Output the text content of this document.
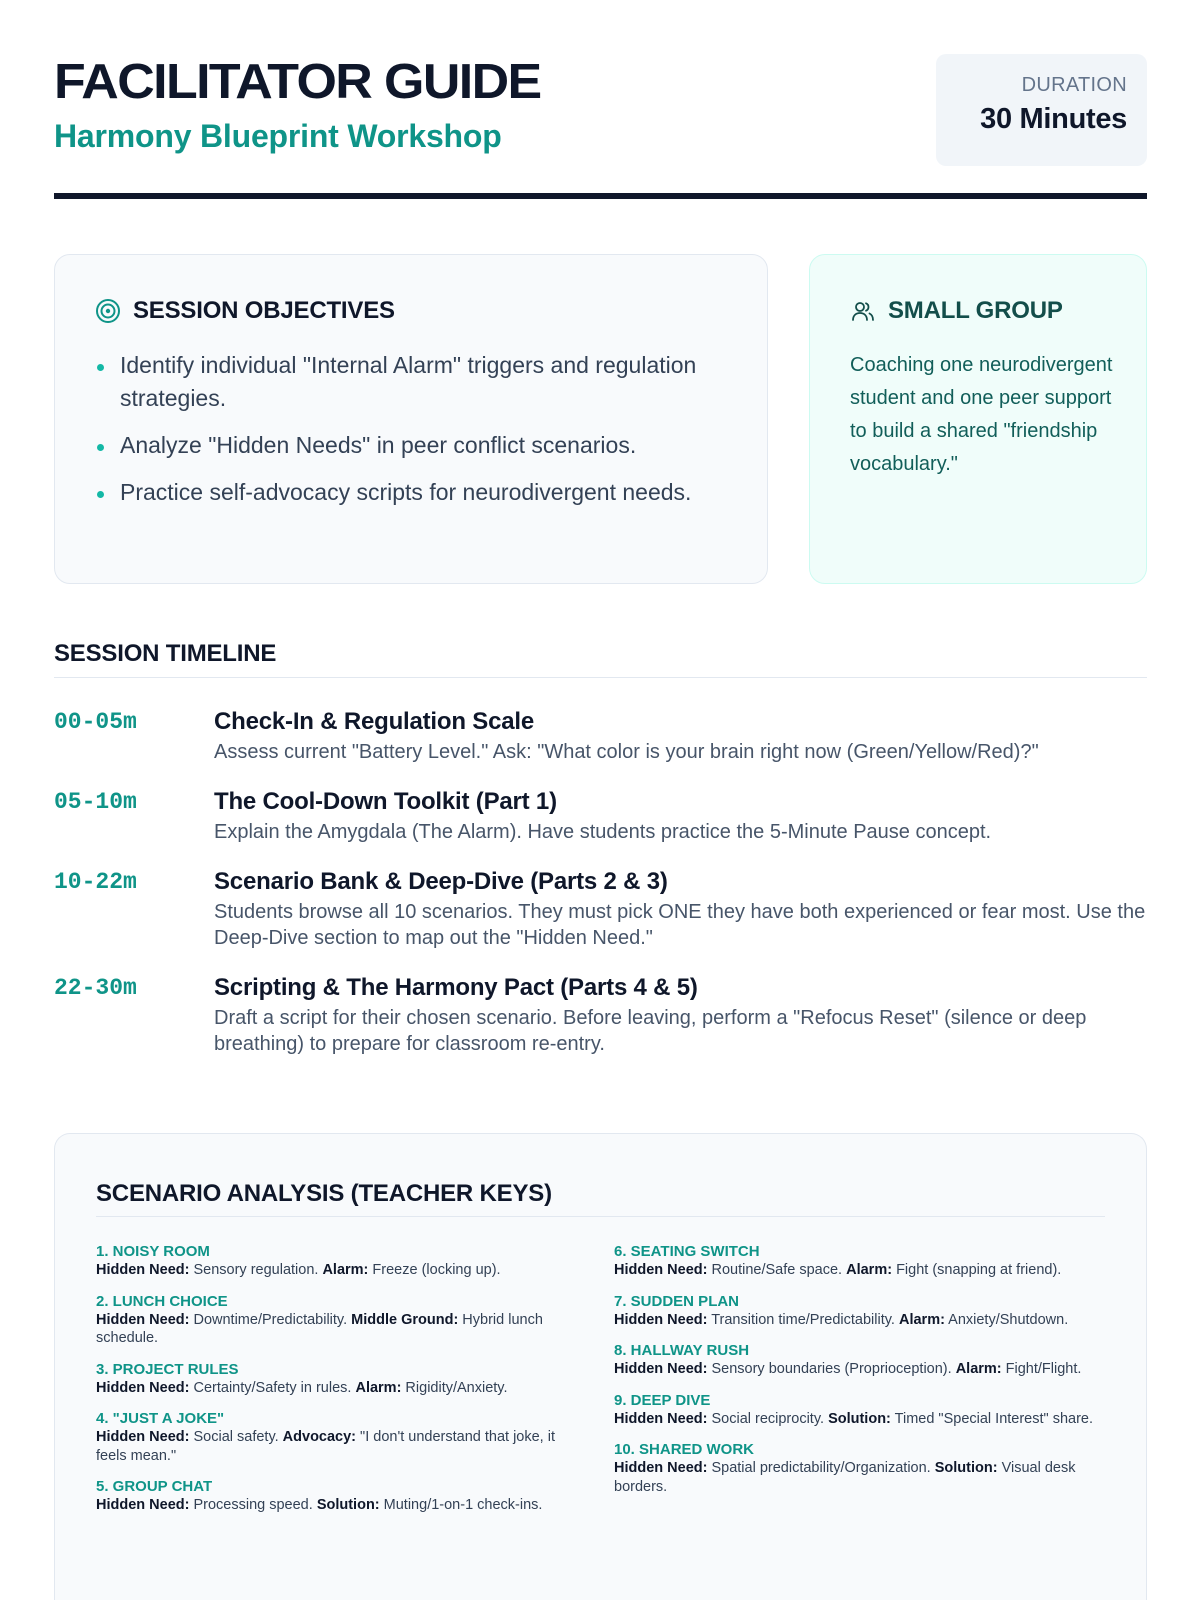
FACILITATOR GUIDE
Harmony Blueprint Workshop
DURATION
30 Minutes
SESSION OBJECTIVES
Identify individual "Internal Alarm" triggers and regulation strategies.
Analyze "Hidden Needs" in peer conflict scenarios.
Practice self-advocacy scripts for neurodivergent needs.
SMALL GROUP

Coaching one neurodivergent student and one peer support to build a shared "friendship vocabulary."

SESSION TIMELINE
00-05m	Check-In & Regulation Scale
Assess current "Battery Level." Ask: "What color is your brain right now (Green/Yellow/Red)?"
05-10m	The Cool-Down Toolkit (Part 1)
Explain the Amygdala (The Alarm). Have students practice the 5-Minute Pause concept.
10-22m	Scenario Bank & Deep-Dive (Parts 2 & 3)
Students browse all 10 scenarios. They must pick ONE they have both experienced or fear most. Use the Deep-Dive section to map out the "Hidden Need."
22-30m	Scripting & The Harmony Pact (Parts 4 & 5)
Draft a script for their chosen scenario. Before leaving, perform a "Refocus Reset" (silence or deep breathing) to prepare for classroom re-entry.
SCENARIO ANALYSIS (TEACHER KEYS)
1. NOISY ROOM
Hidden Need: Sensory regulation. Alarm: Freeze (locking up).
2. LUNCH CHOICE
Hidden Need: Downtime/Predictability. Middle Ground: Hybrid lunch schedule.
3. PROJECT RULES
Hidden Need: Certainty/Safety in rules. Alarm: Rigidity/Anxiety.
4. "JUST A JOKE"
Hidden Need: Social safety. Advocacy: "I don't understand that joke, it feels mean."
5. GROUP CHAT
Hidden Need: Processing speed. Solution: Muting/1-on-1 check-ins.
6. SEATING SWITCH
Hidden Need: Routine/Safe space. Alarm: Fight (snapping at friend).
7. SUDDEN PLAN
Hidden Need: Transition time/Predictability. Alarm: Anxiety/Shutdown.
8. HALLWAY RUSH
Hidden Need: Sensory boundaries (Proprioception). Alarm: Fight/Flight.
9. DEEP DIVE
Hidden Need: Social reciprocity. Solution: Timed "Special Interest" share.
10. SHARED WORK
Hidden Need: Spatial predictability/Organization. Solution: Visual desk borders.
